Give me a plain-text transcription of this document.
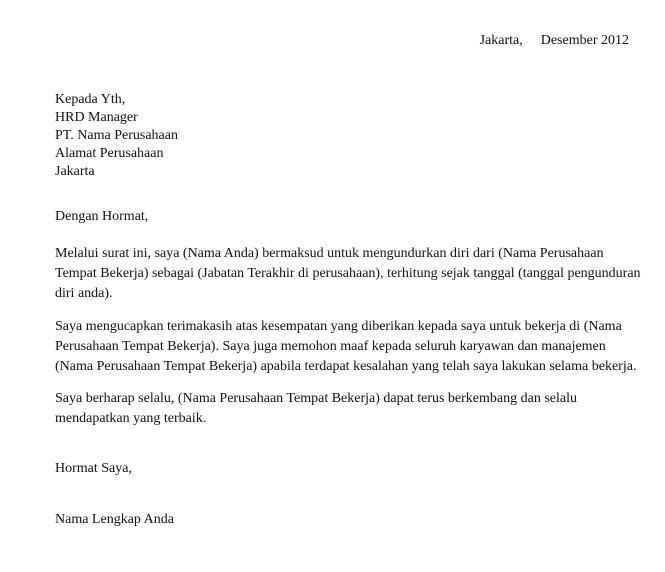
Jakarta, Desember 2012
Kepada Yth,
HRD Manager
PT. Nama Perusahaan
Alamat Perusahaan
Jakarta
Dengan Hormat,

Melalui surat ini, saya (Nama Anda) bermaksud untuk mengundurkan diri dari (Nama Perusahaan Tempat Bekerja) sebagai (Jabatan Terakhir di perusahaan), terhitung sejak tanggal (tanggal pengunduran diri anda).

Saya mengucapkan terimakasih atas kesempatan yang diberikan kepada saya untuk bekerja di (Nama Perusahaan Tempat Bekerja). Saya juga memohon maaf kepada seluruh karyawan dan manajemen (Nama Perusahaan Tempat Bekerja) apabila terdapat kesalahan yang telah saya lakukan selama bekerja.

Saya berharap selalu, (Nama Perusahaan Tempat Bekerja) dapat terus berkembang dan selalu mendapatkan yang terbaik.

Hormat Saya,
Nama Lengkap Anda
